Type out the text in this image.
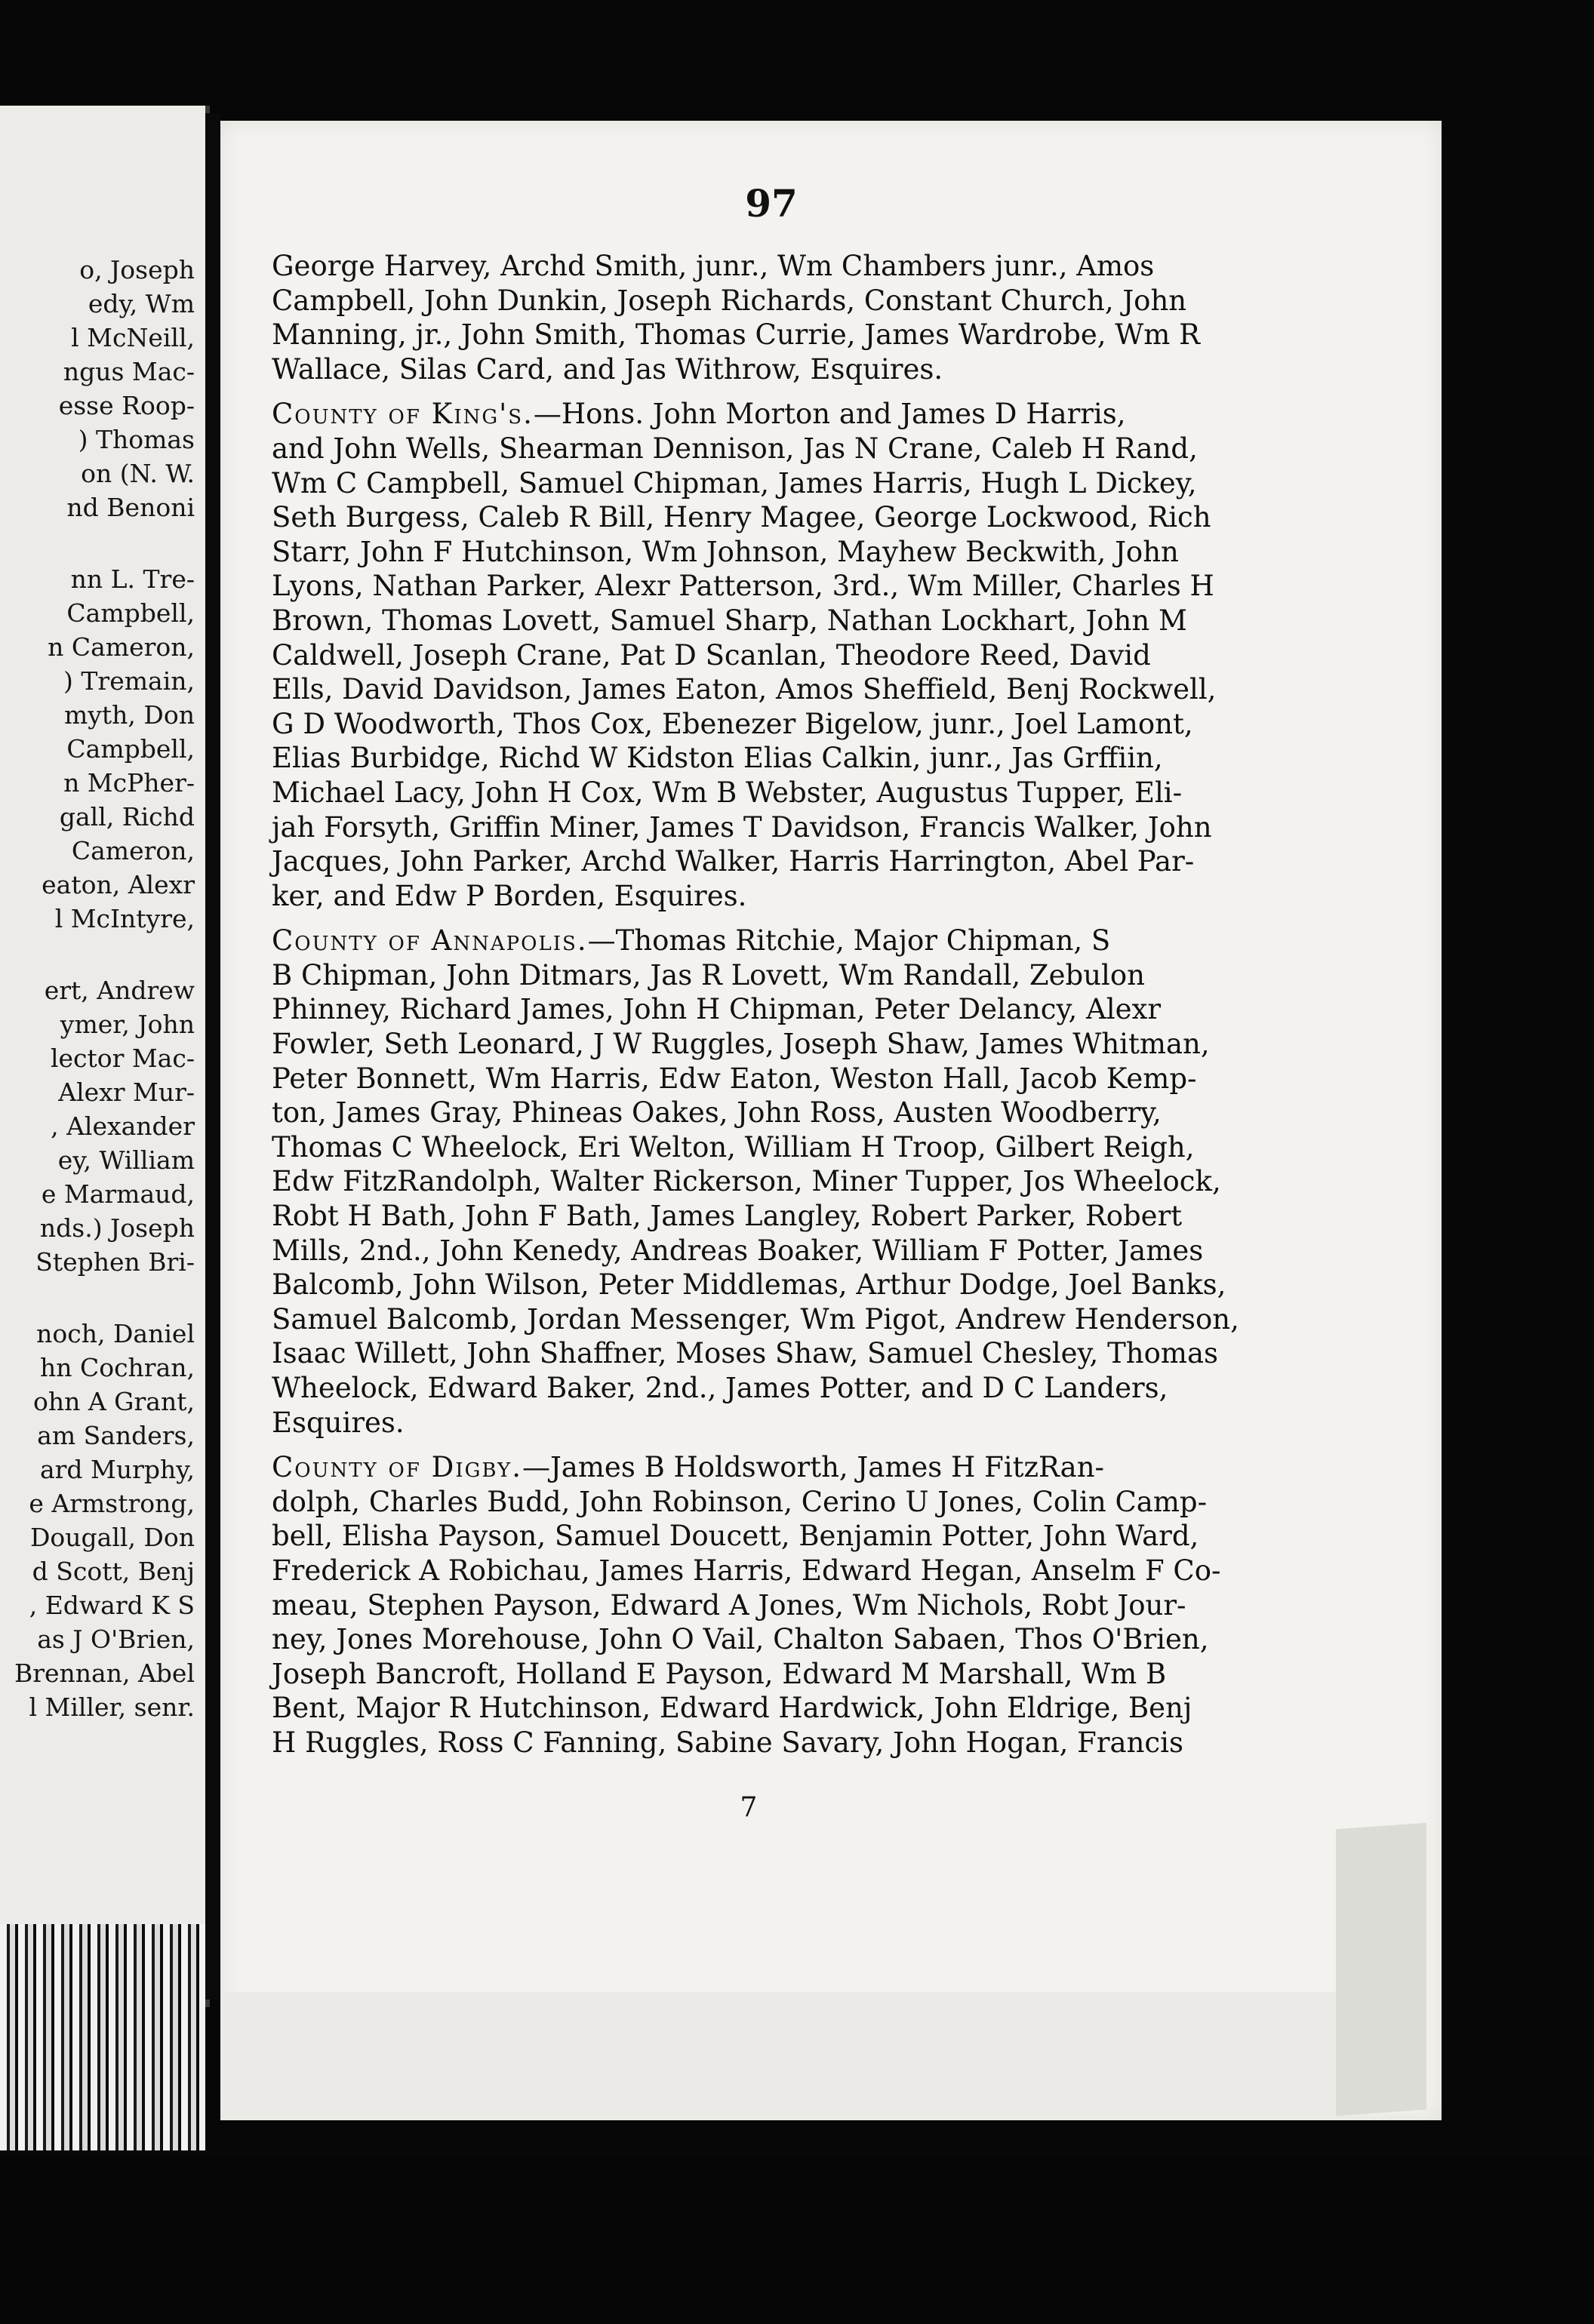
o, Joseph
edy, Wm
l McNeill,
ngus Mac-
esse Roop-
) Thomas
on (N. W.
nd Benoni
nn L. Tre-
Campbell,
n Cameron,
) Tremain,
myth, Don
Campbell,
n McPher-
gall, Richd
Cameron,
eaton, Alexr
l McIntyre,
ert, Andrew
ymer, John
lector Mac-
Alexr Mur-
, Alexander
ey, William
e Marmaud,
nds.) Joseph
Stephen Bri-
noch, Daniel
hn Cochran,
ohn A Grant,
am Sanders,
ard Murphy,
e Armstrong,
Dougall, Don
d Scott, Benj
, Edward K S
as J O'Brien,
Brennan, Abel
l Miller, senr.
97
George Harvey, Archd Smith, junr., Wm Chambers junr., Amos
Campbell, John Dunkin, Joseph Richards, Constant Church, John
Manning, jr., John Smith, Thomas Currie, James Wardrobe, Wm R
Wallace, Silas Card, and Jas Withrow, Esquires.
County of King's.—Hons. John Morton and James D Harris,
and John Wells, Shearman Dennison, Jas N Crane, Caleb H Rand,
Wm C Campbell, Samuel Chipman, James Harris, Hugh L Dickey,
Seth Burgess, Caleb R Bill, Henry Magee, George Lockwood, Rich
Starr, John F Hutchinson, Wm Johnson, Mayhew Beckwith, John
Lyons, Nathan Parker, Alexr Patterson, 3rd., Wm Miller, Charles H
Brown, Thomas Lovett, Samuel Sharp, Nathan Lockhart, John M
Caldwell, Joseph Crane, Pat D Scanlan, Theodore Reed, David
Ells, David Davidson, James Eaton, Amos Sheffield, Benj Rockwell,
G D Woodworth, Thos Cox, Ebenezer Bigelow, junr., Joel Lamont,
Elias Burbidge, Richd W Kidston Elias Calkin, junr., Jas Grffiin,
Michael Lacy, John H Cox, Wm B Webster, Augustus Tupper, Eli-
jah Forsyth, Griffin Miner, James T Davidson, Francis Walker, John
Jacques, John Parker, Archd Walker, Harris Harrington, Abel Par-
ker, and Edw P Borden, Esquires.
County of Annapolis.—Thomas Ritchie, Major Chipman, S
B Chipman, John Ditmars, Jas R Lovett, Wm Randall, Zebulon
Phinney, Richard James, John H Chipman, Peter Delancy, Alexr
Fowler, Seth Leonard, J W Ruggles, Joseph Shaw, James Whitman,
Peter Bonnett, Wm Harris, Edw Eaton, Weston Hall, Jacob Kemp-
ton, James Gray, Phineas Oakes, John Ross, Austen Woodberry,
Thomas C Wheelock, Eri Welton, William H Troop, Gilbert Reigh,
Edw FitzRandolph, Walter Rickerson, Miner Tupper, Jos Wheelock,
Robt H Bath, John F Bath, James Langley, Robert Parker, Robert
Mills, 2nd., John Kenedy, Andreas Boaker, William F Potter, James
Balcomb, John Wilson, Peter Middlemas, Arthur Dodge, Joel Banks,
Samuel Balcomb, Jordan Messenger, Wm Pigot, Andrew Henderson,
Isaac Willett, John Shaffner, Moses Shaw, Samuel Chesley, Thomas
Wheelock, Edward Baker, 2nd., James Potter, and D C Landers,
Esquires.
County of Digby.—James B Holdsworth, James H FitzRan-
dolph, Charles Budd, John Robinson, Cerino U Jones, Colin Camp-
bell, Elisha Payson, Samuel Doucett, Benjamin Potter, John Ward,
Frederick A Robichau, James Harris, Edward Hegan, Anselm F Co-
meau, Stephen Payson, Edward A Jones, Wm Nichols, Robt Jour-
ney, Jones Morehouse, John O Vail, Chalton Sabaen, Thos O'Brien,
Joseph Bancroft, Holland E Payson, Edward M Marshall, Wm B
Bent, Major R Hutchinson, Edward Hardwick, John Eldrige, Benj
H Ruggles, Ross C Fanning, Sabine Savary, John Hogan, Francis
7
